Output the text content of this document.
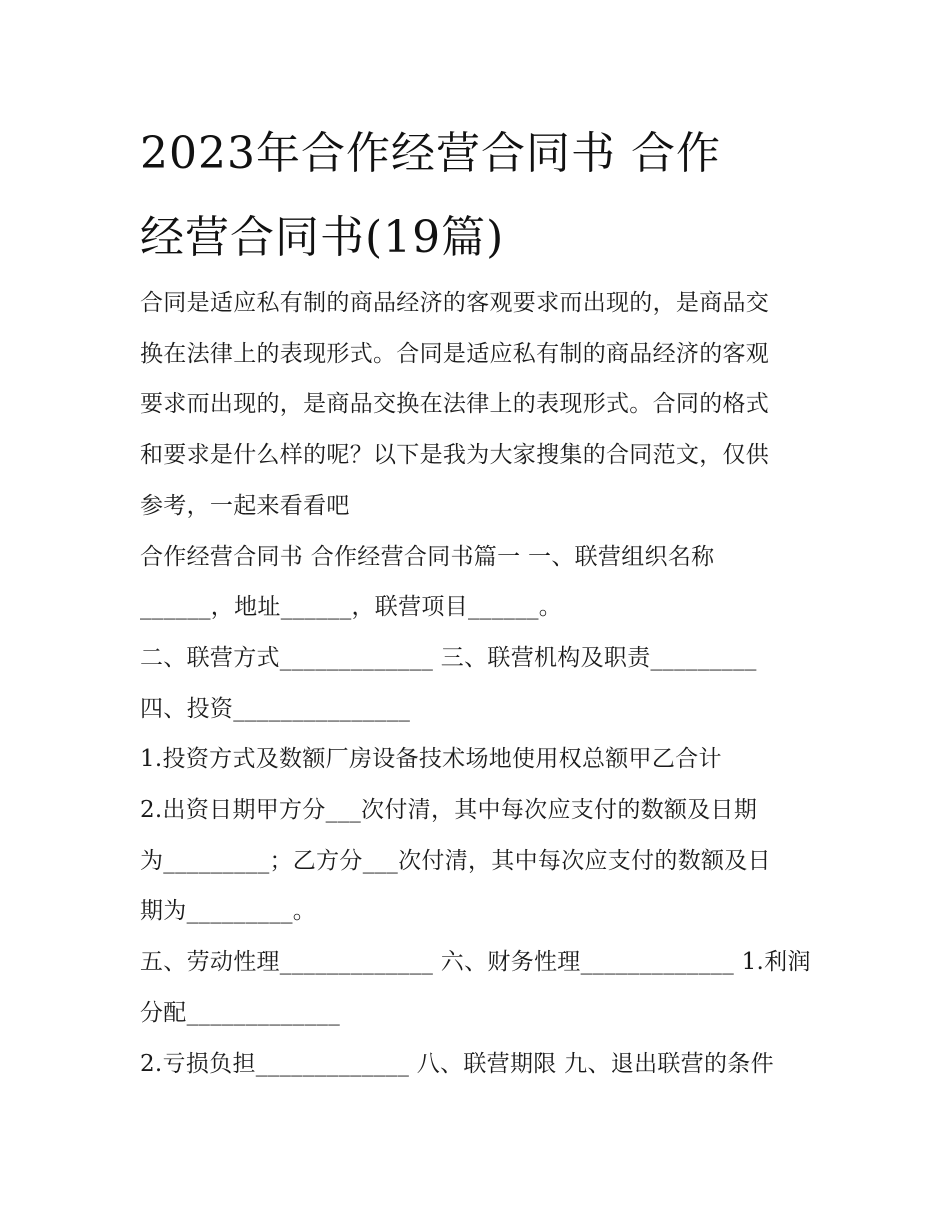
2023年合作经营合同书 合作
经营合同书(19篇)

合同是适应私有制的商品经济的客观要求而出现的，是商品交

换在法律上的表现形式。合同是适应私有制的商品经济的客观

要求而出现的，是商品交换在法律上的表现形式。合同的格式

和要求是什么样的呢？以下是我为大家搜集的合同范文，仅供

参考，一起来看看吧

合作经营合同书 合作经营合同书篇一 一、联营组织名称

______，地址______，联营项目______。

二、联营方式_____________ 三、联营机构及职责_________

四、投资_______________

1.投资方式及数额厂房设备技术场地使用权总额甲乙合计

2.出资日期甲方分___次付清，其中每次应支付的数额及日期

为_________；乙方分___次付清，其中每次应支付的数额及日

期为_________。

五、劳动性理_____________ 六、财务性理_____________ 1.利润

分配_____________

2.亏损负担_____________ 八、联营期限 九、退出联营的条件
